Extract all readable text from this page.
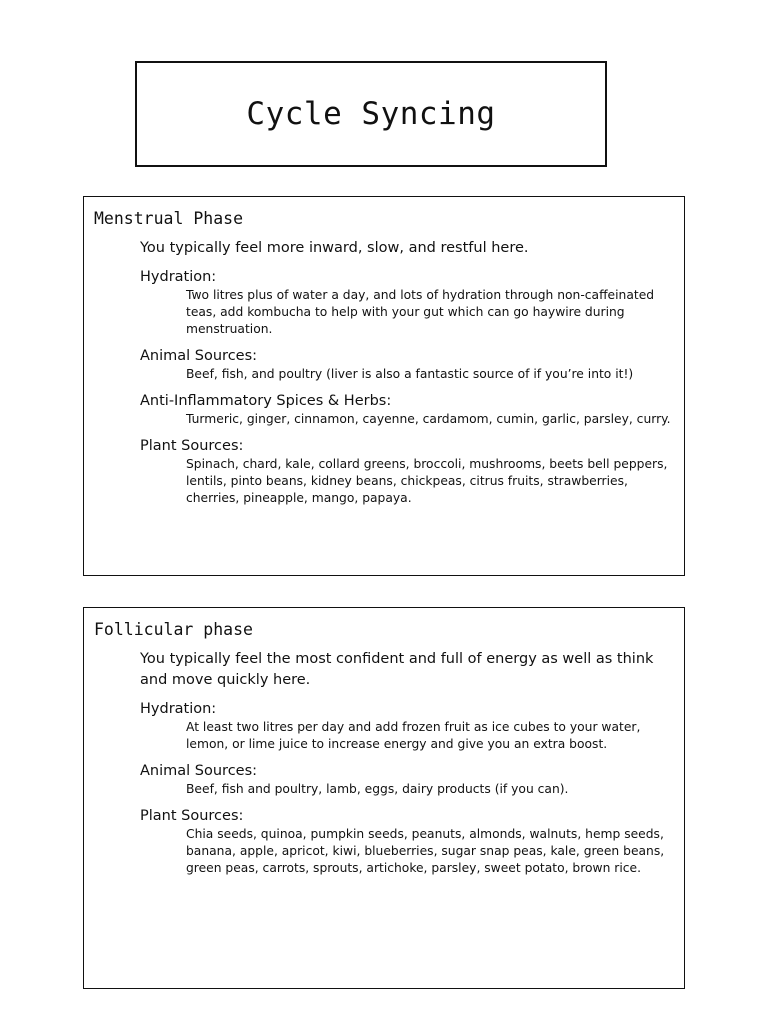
Cycle Syncing
Menstrual Phase

You typically feel more inward, slow, and restful here.

Hydration:
Two litres plus of water a day, and lots of hydration through non-caffeinated teas, add kombucha to help with your gut which can go haywire during menstruation.
Animal Sources:
Beef, fish, and poultry (liver is also a fantastic source of if you’re into it!)
Anti-Inflammatory Spices & Herbs:
Turmeric, ginger, cinnamon, cayenne, cardamom, cumin, garlic, parsley, curry.
Plant Sources:
Spinach, chard, kale, collard greens, broccoli, mushrooms, beets bell peppers, lentils, pinto beans, kidney beans, chickpeas, citrus fruits, strawberries, cherries, pineapple, mango, papaya.
Follicular phase

You typically feel the most confident and full of energy as well as think and move quickly here.

Hydration:
At least two litres per day and add frozen fruit as ice cubes to your water, lemon, or lime juice to increase energy and give you an extra boost.
Animal Sources:
Beef, fish and poultry, lamb, eggs, dairy products (if you can).
Plant Sources:
Chia seeds, quinoa, pumpkin seeds, peanuts, almonds, walnuts, hemp seeds, banana, apple, apricot, kiwi, blueberries, sugar snap peas, kale, green beans, green peas, carrots, sprouts, artichoke, parsley, sweet potato, brown rice.
